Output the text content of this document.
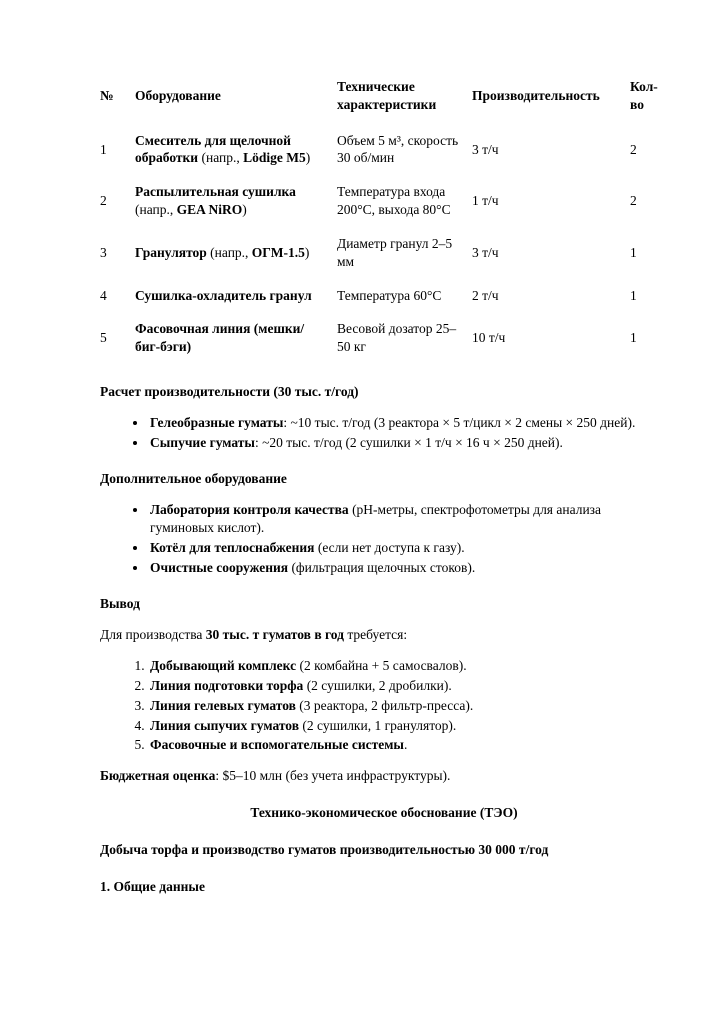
№	Оборудование	Технические характеристики	Производительность	Кол-во
1	Смеситель для щелочной обработки (напр., Lödige M5)	Объем 5 м³, скорость 30 об/мин	3 т/ч	2
2	Распылительная сушилка (напр., GEA NiRO)	Температура входа 200°С, выхода 80°С	1 т/ч	2
3	Гранулятор (напр., ОГМ-1.5)	Диаметр гранул 2–5 мм	3 т/ч	1
4	Сушилка-охладитель гранул	Температура 60°С	2 т/ч	1
5	Фасовочная линия (мешки/биг-бэги)	Весовой дозатор 25–50 кг	10 т/ч	1

Расчет производительности (30 тыс. т/год)

• Гелеобразные гуматы: ~10 тыс. т/год (3 реактора × 5 т/цикл × 2 смены × 250 дней).
• Сыпучие гуматы: ~20 тыс. т/год (2 сушилки × 1 т/ч × 16 ч × 250 дней).

Дополнительное оборудование

• Лаборатория контроля качества (pH-метры, спектрофотометры для анализа гуминовых кислот).
• Котёл для теплоснабжения (если нет доступа к газу).
• Очистные сооружения (фильтрация щелочных стоков).

Вывод

Для производства 30 тыс. т гуматов в год требуется:

1. Добывающий комплекс (2 комбайна + 5 самосвалов).
2. Линия подготовки торфа (2 сушилки, 2 дробилки).
3. Линия гелевых гуматов (3 реактора, 2 фильтр-пресса).
4. Линия сыпучих гуматов (2 сушилки, 1 гранулятор).
5. Фасовочные и вспомогательные системы.

Бюджетная оценка: $5–10 млн (без учета инфраструктуры).

Технико-экономическое обоснование (ТЭО)

Добыча торфа и производство гуматов производительностью 30 000 т/год

1. Общие данные
